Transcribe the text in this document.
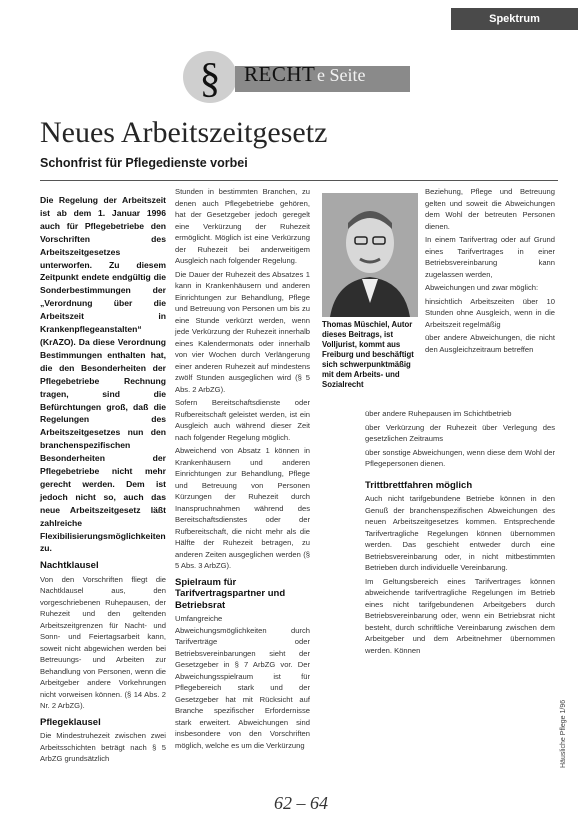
Spektrum
§ RECHT e Seite
Neues Arbeitszeitgesetz
Schonfrist für Pflegedienste vorbei

Die Regelung der Arbeitszeit ist ab dem 1. Januar 1996 auch für Pflegebetriebe den Vorschriften des Arbeitszeitgesetzes unterworfen. Zu diesem Zeitpunkt endete endgültig die Sonderbestimmungen der „Verordnung über die Arbeitszeit in Krankenpflegeanstalten“ (KrAZO). Da diese Verordnung Bestimmungen enthalten hat, die den Besonderheiten der Pflegebetriebe Rechnung tragen, sind die Befürchtungen groß, daß die Regelungen des Arbeitszeitgesetzes nun den branchenspezifischen Besonderheiten der Pflegebetriebe nicht mehr gerecht werden. Dem ist jedoch nicht so, auch das neue Arbeitszeitgesetz läßt zahlreiche Flexibilisierungsmöglichkeiten zu.

Nachtklausel

Von den Vorschriften fliegt die Nachtklausel aus, den vorgeschriebenen Ruhepausen, der Ruhezeit und den geltenden Arbeitszeitgrenzen für Nacht- und Sonn- und Feiertagsarbeit kann, soweit nicht abgewichen werden bei Betreuungs- und Arbeiten zur Behandlung von Personen, wenn die Arbeitgeber andere Vorkehrungen nicht vorweisen können. (§ 14 Abs. 2 Nr. 2 ArbZG).

Pflegeklausel

Die Mindestruhezeit zwischen zwei Arbeitsschichten beträgt nach § 5 ArbZG grundsätzlich

Stunden in bestimmten Branchen, zu denen auch Pflegebetriebe gehören, hat der Gesetzgeber jedoch geregelt eine Verkürzung der Ruhezeit ermöglicht. Möglich ist eine Verkürzung der Ruhezeit bei anderweitigem Ausgleich nach folgender Regelung.

Die Dauer der Ruhezeit des Absatzes 1 kann in Krankenhäusern und anderen Einrichtungen zur Behandlung, Pflege und Betreuung von Personen um bis zu eine Stunde verkürzt werden, wenn jede Verkürzung der Ruhezeit innerhalb eines Kalendermonats oder innerhalb von vier Wochen durch Verlängerung einer anderen Ruhezeit auf mindestens zwölf Stunden ausgeglichen wird (§ 5 Abs. 2 ArbZG).

Sofern Bereitschaftsdienste oder Rufbereitschaft geleistet werden, ist ein Ausgleich auch während dieser Zeit nach folgender Regelung möglich.

Abweichend von Absatz 1 können in Krankenhäusern und anderen Einrichtungen zur Behandlung, Pflege und Betreuung von Personen Kürzungen der Ruhezeit durch Inanspruchnahmen während des Bereitschaftsdienstes oder der Rufbereitschaft, die nicht mehr als die Hälfte der Ruhezeit betragen, zu anderen Zeiten ausgeglichen werden (§ 5 Abs. 3 ArbZG).

Spielraum für Tarifvertragspartner und Betriebsrat

Umfangreiche Abweichungsmöglichkeiten durch Tarifverträge oder Betriebsvereinbarungen sieht der Gesetzgeber in § 7 ArbZG vor. Der Abweichungsspielraum ist für Pflegebereich stark und der Gesetzgeber hat mit Rücksicht auf Branche spezifischer Erfordernisse stark erweitert. Abweichungen sind insbesondere von den Vorschriften möglich, welche es um die Verkürzung

Thomas Müschiel, Autor dieses Beitrags, ist Volljurist, kommt aus Freiburg und beschäftigt sich schwerpunktmäßig mit dem Arbeits- und Sozialrecht

Beziehung, Pflege und Betreuung gelten und soweit die Abweichungen dem Wohl der betreuten Personen dienen.

In einem Tarifvertrag oder auf Grund eines Tarifvertrages in einer Betriebsvereinbarung kann zugelassen werden,

Abweichungen und zwar möglich:

hinsichtlich Arbeitszeiten über 10 Stunden ohne Ausgleich, wenn in die Arbeitszeit regelmäßig

über andere Abweichungen, die nicht den Ausgleichzeitraum betreffen

über andere Ruhepausen im Schichtbetrieb

über Verkürzung der Ruhezeit über Verlegung des gesetzlichen Zeitraums

über sonstige Abweichungen, wenn diese dem Wohl der Pflegepersonen dienen.

Trittbrettfahren möglich

Auch nicht tarifgebundene Betriebe können in den Genuß der branchenspezifischen Abweichungen des neuen Arbeitszeitgesetzes kommen. Entsprechende Tarifvertragliche Regelungen können übernommen werden. Das geschieht entweder durch eine Betriebsvereinbarung oder, in nicht mitbestimmten Betrieben durch individuelle Vereinbarung.

Im Geltungsbereich eines Tarifvertrages können abweichende tarifvertragliche Regelungen im Betrieb eines nicht tarifgebundenen Arbeitgebers durch Betriebsvereinbarung oder, wenn ein Betriebsrat nicht besteht, durch schriftliche Vereinbarung zwischen dem Arbeitgeber und dem Arbeitnehmer übernommen werden. Können

Häusliche Pflege 1/96
62 – 64
